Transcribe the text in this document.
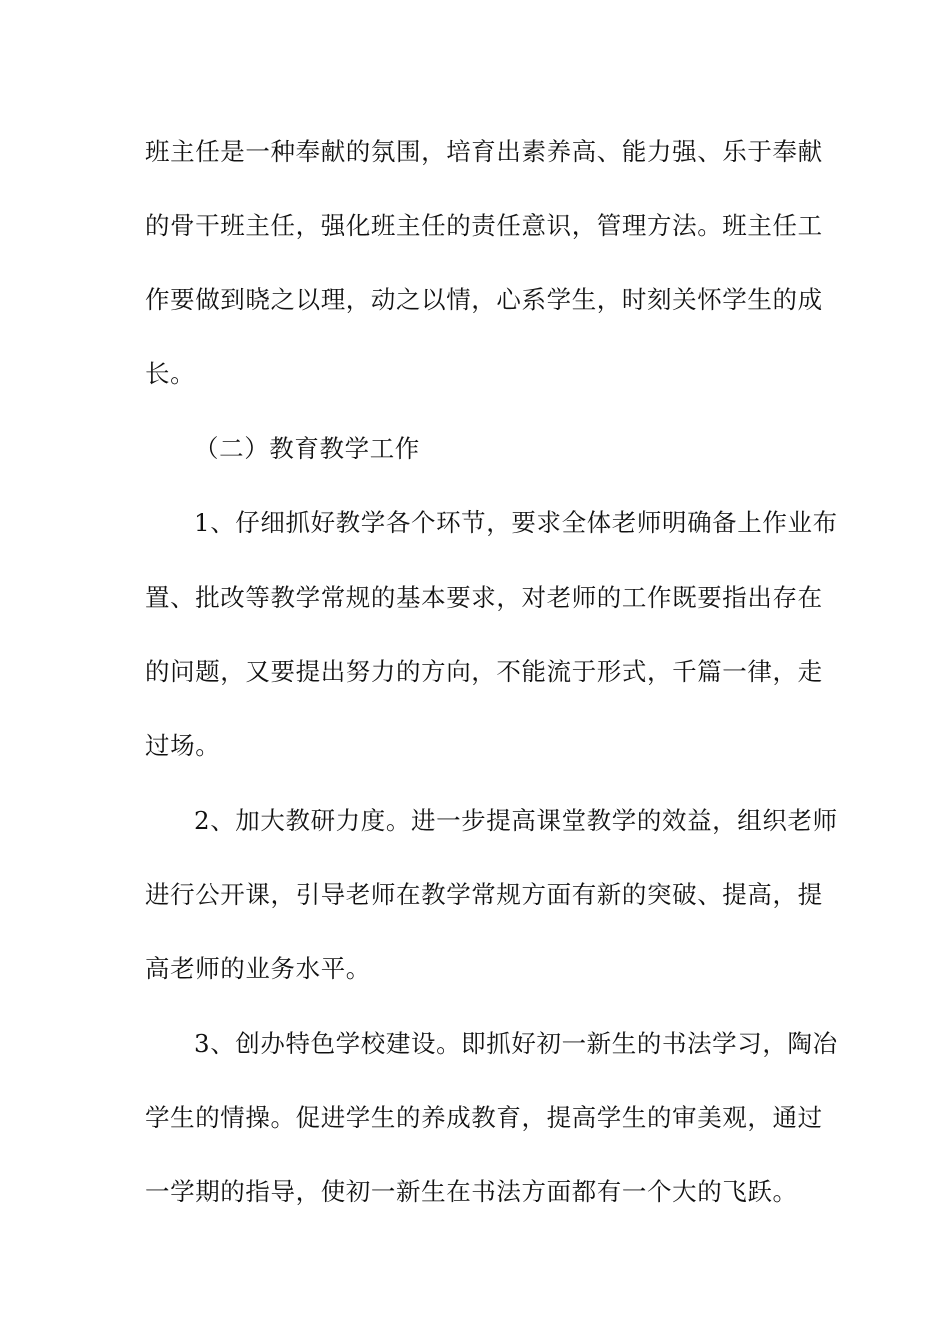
班主任是一种奉献的氛围，培育出素养高、能力强、乐于奉献
的骨干班主任，强化班主任的责任意识，管理方法。班主任工
作要做到晓之以理，动之以情，心系学生，时刻关怀学生的成
长。
（二）教育教学工作
1、仔细抓好教学各个环节，要求全体老师明确备上作业布
置、批改等教学常规的基本要求，对老师的工作既要指出存在
的问题，又要提出努力的方向，不能流于形式，千篇一律，走
过场。
2、加大教研力度。进一步提高课堂教学的效益，组织老师
进行公开课，引导老师在教学常规方面有新的突破、提高，提
高老师的业务水平。
3、创办特色学校建设。即抓好初一新生的书法学习，陶冶
学生的情操。促进学生的养成教育，提高学生的审美观，通过
一学期的指导，使初一新生在书法方面都有一个大的飞跃。
